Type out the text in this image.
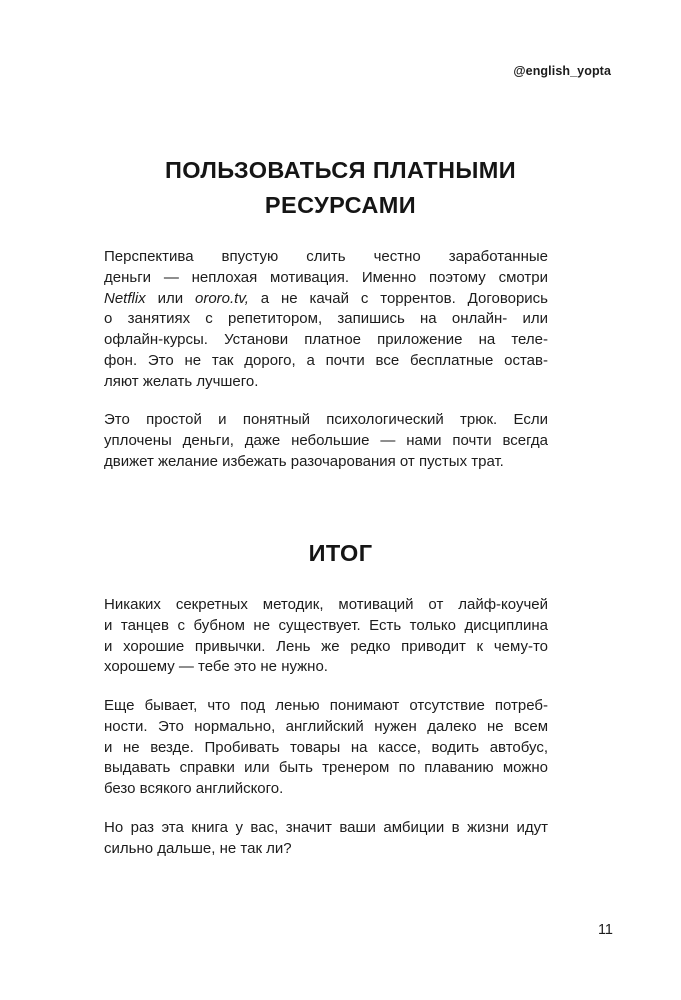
@english_yopta
ПОЛЬЗОВАТЬСЯ ПЛАТНЫМИ
РЕСУРСАМИ

Перспектива впустую слить честно заработанные
деньги — неплохая мотивация. Именно поэтому смотри
Netflix или ororo.tv, а не качай с торрентов. Договорись
о занятиях с репетитором, запишись на онлайн- или
офлайн-курсы. Установи платное приложение на теле-
фон. Это не так дорого, а почти все бесплатные остав-
ляют желать лучшего.

Это простой и понятный психологический трюк. Если
уплочены деньги, даже небольшие — нами почти всегда
движет желание избежать разочарования от пустых трат.

ИТОГ

Никаких секретных методик, мотиваций от лайф-коучей
и танцев с бубном не существует. Есть только дисциплина
и хорошие привычки. Лень же редко приводит к чему-то
хорошему — тебе это не нужно.

Еще бывает, что под ленью понимают отсутствие потреб-
ности. Это нормально, английский нужен далеко не всем
и не везде. Пробивать товары на кассе, водить автобус,
выдавать справки или быть тренером по плаванию можно
безо всякого английского.

Но раз эта книга у вас, значит ваши амбиции в жизни идут
сильно дальше, не так ли?

11
